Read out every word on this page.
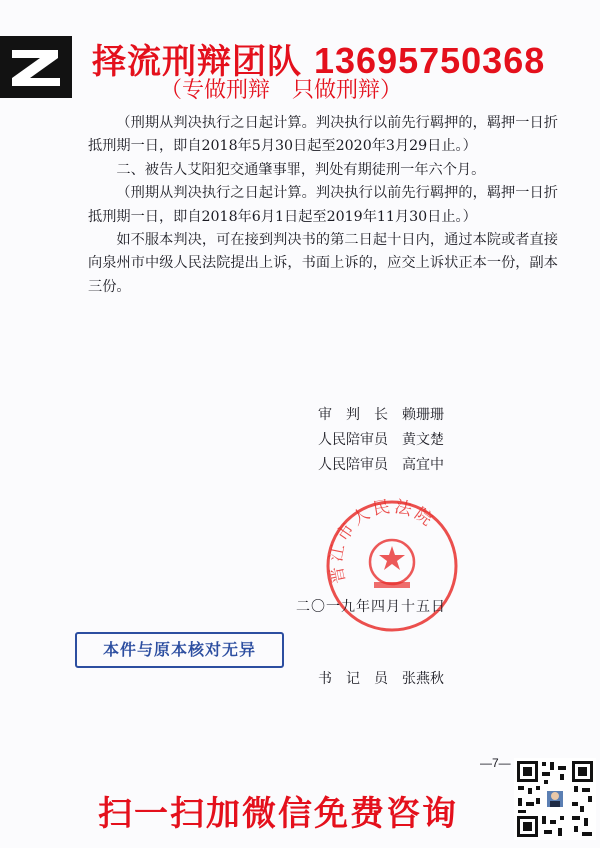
择流刑辩团队 13695750368
（专做刑辩　只做刑辩）

（刑期从判决执行之日起计算。判决执行以前先行羁押的，羁押一日折抵刑期一日，即自2018年5月30日起至2020年3月29日止。）

二、被告人艾阳犯交通肇事罪，判处有期徒刑一年六个月。

（刑期从判决执行之日起计算。判决执行以前先行羁押的，羁押一日折抵刑期一日，即自2018年6月1日起至2019年11月30日止。）

如不服本判决，可在接到判决书的第二日起十日内，通过本院或者直接向泉州市中级人民法院提出上诉，书面上诉的，应交上诉状正本一份，副本三份。

审　判　长　 赖珊珊
人民陪审员　 黄文楚
人民陪审员　 高宜中
晋江市人民法院
二〇一九年四月十五日
本件与原本核对无异
书　记　员　 张燕秋
—7—
扫一扫加微信免费咨询
